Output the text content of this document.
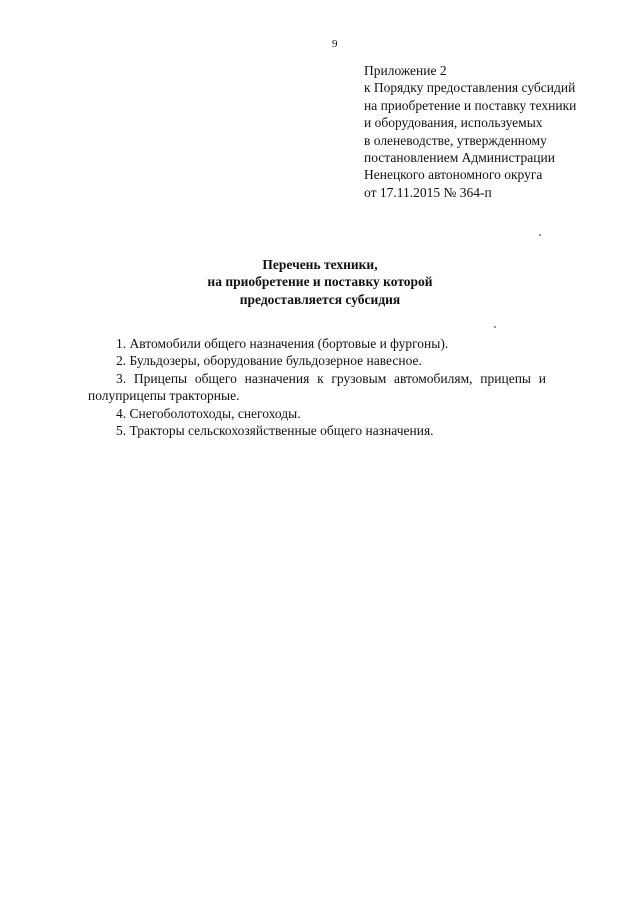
9
Приложение 2
к Порядку предоставления субсидий
на приобретение и поставку техники
и оборудования, используемых
в оленеводстве, утвержденному
постановлением Администрации
Ненецкого автономного округа
от 17.11.2015 № 364-п
Перечень техники,
на приобретение и поставку которой
предоставляется субсидия
1. Автомобили общего назначения (бортовые и фургоны).
2. Бульдозеры, оборудование бульдозерное навесное.
3. Прицепы общего назначения к грузовым автомобилям, прицепы и полуприцепы тракторные.
4. Снегоболотоходы, снегоходы.
5. Тракторы сельскохозяйственные общего назначения.
